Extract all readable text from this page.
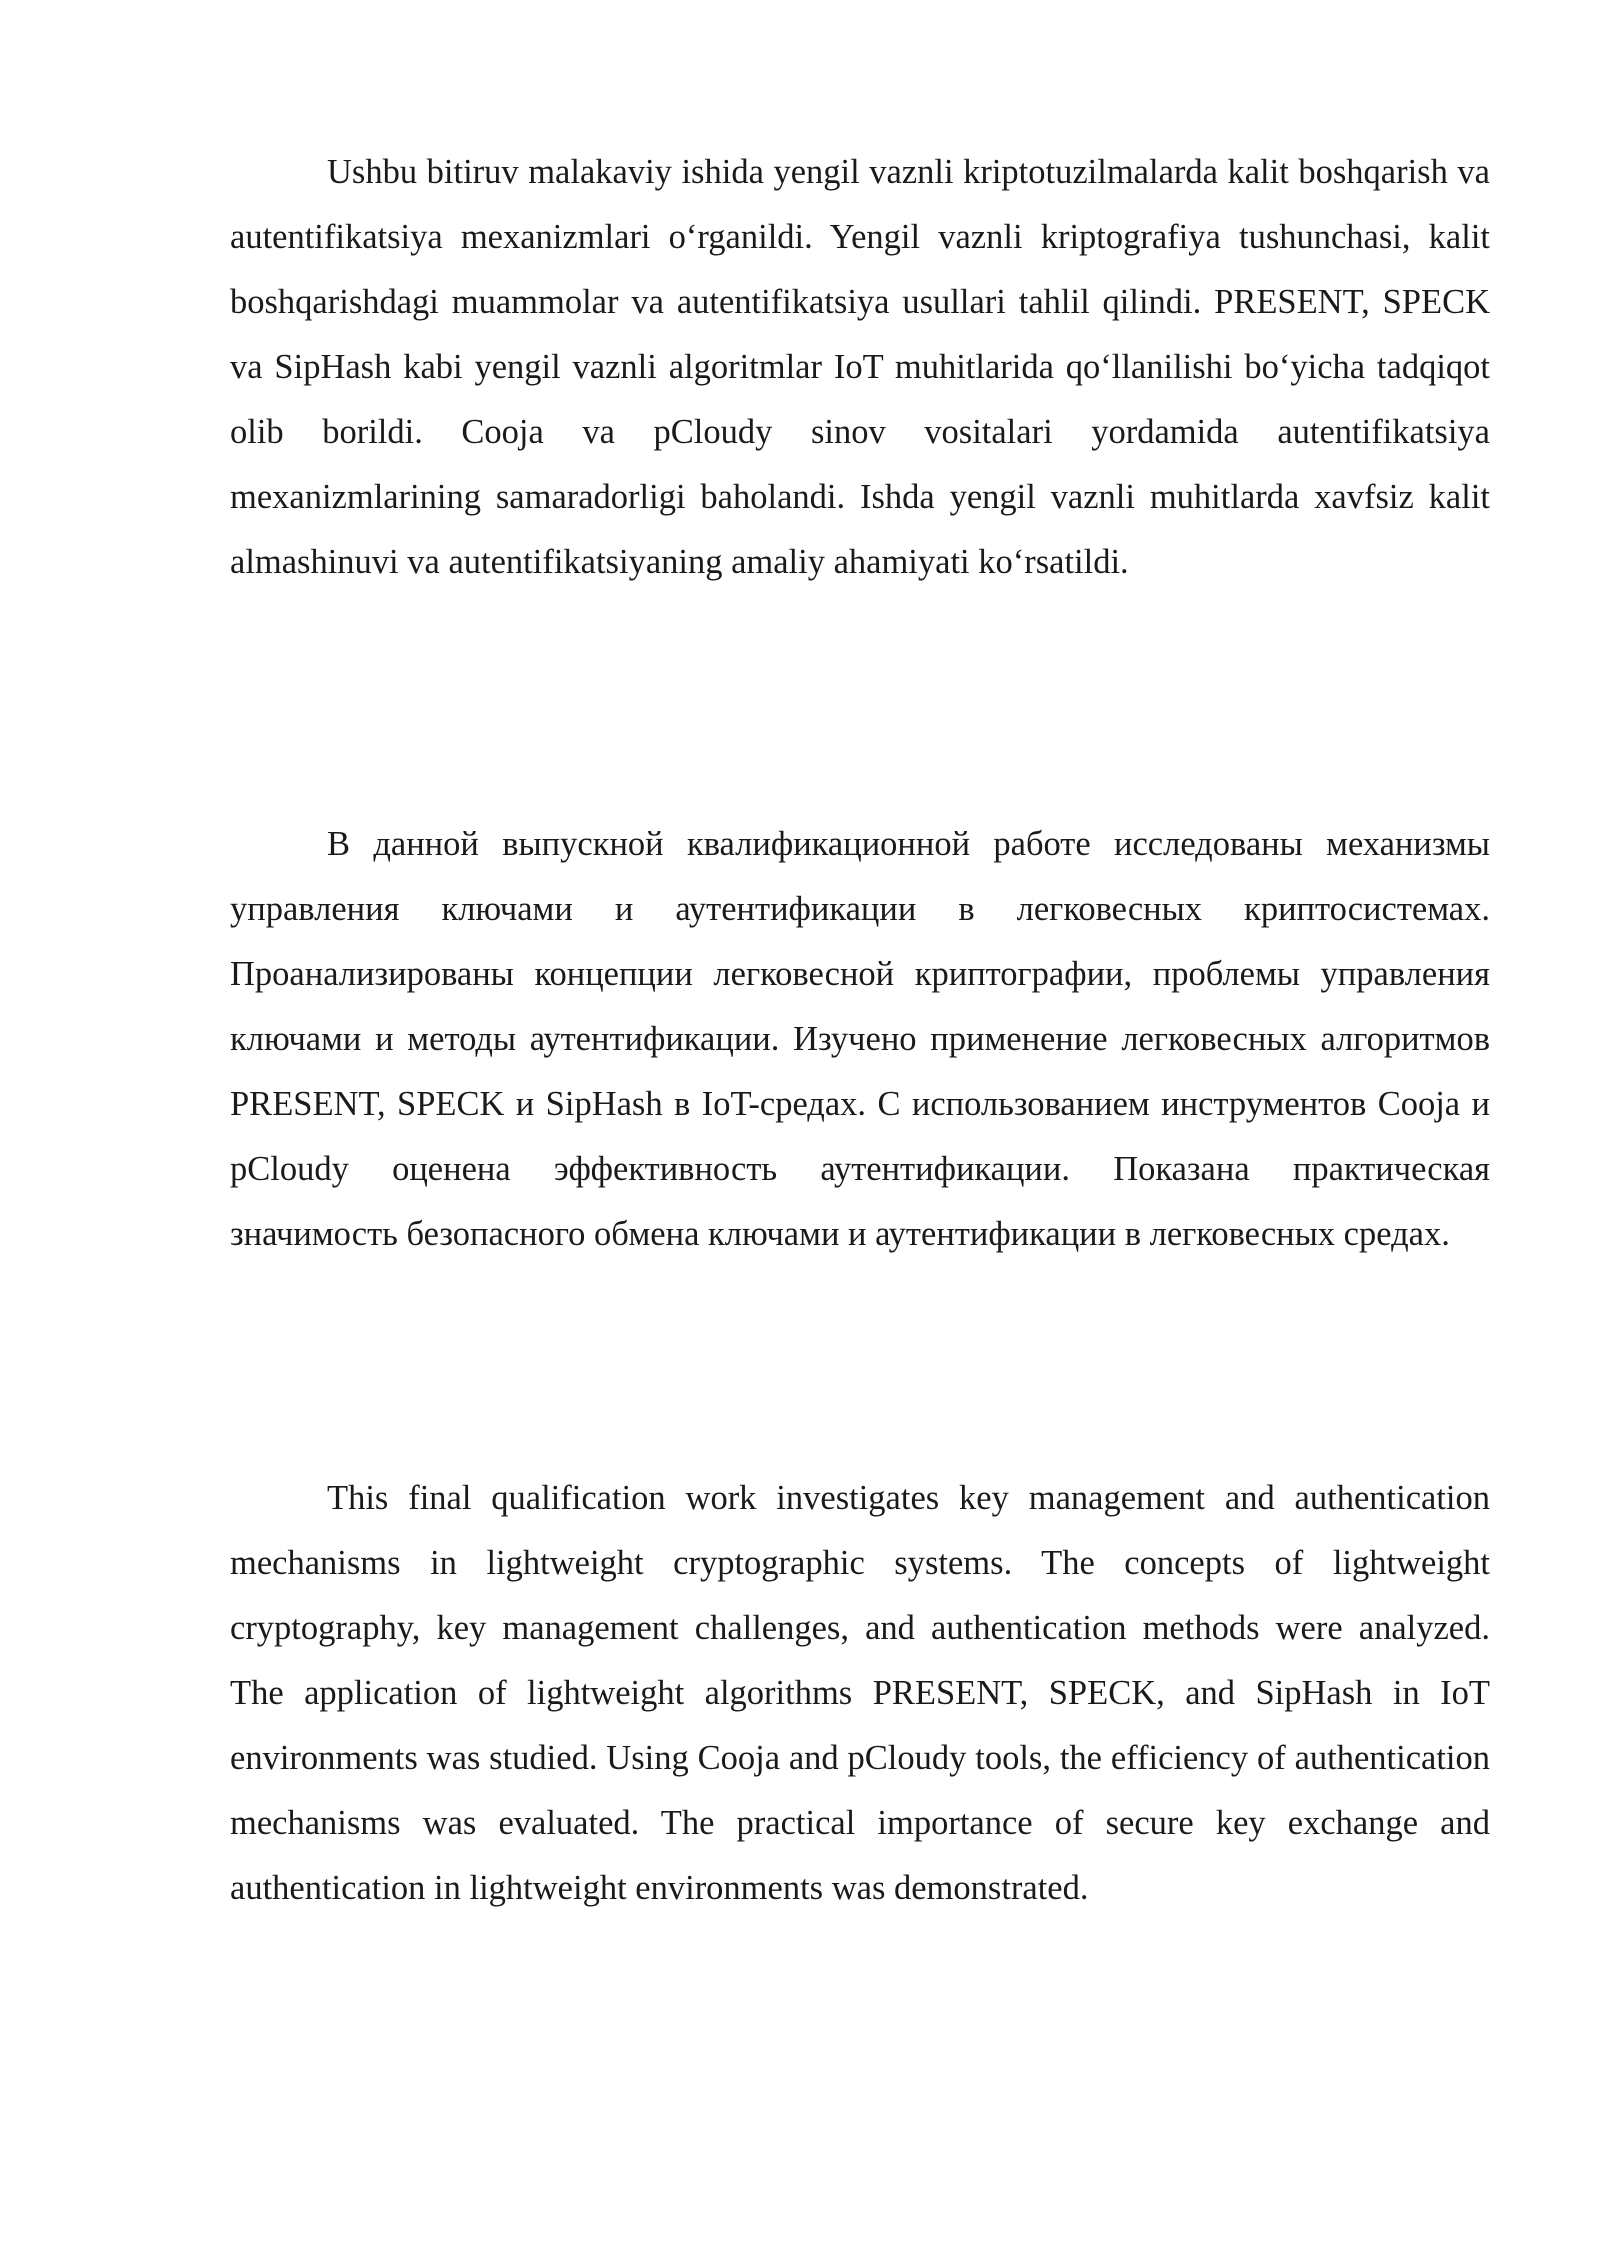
Ushbu bitiruv malakaviy ishida yengil vaznli kriptotuzilmalarda kalit boshqarish va autentifikatsiya mexanizmlari o‘rganildi. Yengil vaznli kriptografiya tushunchasi, kalit boshqarishdagi muammolar va autentifikatsiya usullari tahlil qilindi. PRESENT, SPECK va SipHash kabi yengil vaznli algoritmlar IoT muhitlarida qo‘llanilishi bo‘yicha tadqiqot olib borildi. Cooja va pCloudy sinov vositalari yordamida autentifikatsiya mexanizmlarining samaradorligi baholandi. Ishda yengil vaznli muhitlarda xavfsiz kalit almashinuvi va autentifikatsiyaning amaliy ahamiyati ko‘rsatildi.

В данной выпускной квалификационной работе исследованы механизмы управления ключами и аутентификации в легковесных криптосистемах. Проанализированы концепции легковесной криптографии, проблемы управления ключами и методы аутентификации. Изучено применение легковесных алгоритмов PRESENT, SPECK и SipHash в IoT-средах. С использованием инструментов Cooja и pCloudy оценена эффективность аутентификации. Показана практическая значимость безопасного обмена ключами и аутентификации в легковесных средах.

This final qualification work investigates key management and authentication mechanisms in lightweight cryptographic systems. The concepts of lightweight cryptography, key management challenges, and authentication methods were analyzed. The application of lightweight algorithms PRESENT, SPECK, and SipHash in IoT environments was studied. Using Cooja and pCloudy tools, the efficiency of authentication mechanisms was evaluated. The practical importance of secure key exchange and authentication in lightweight environments was demonstrated.
